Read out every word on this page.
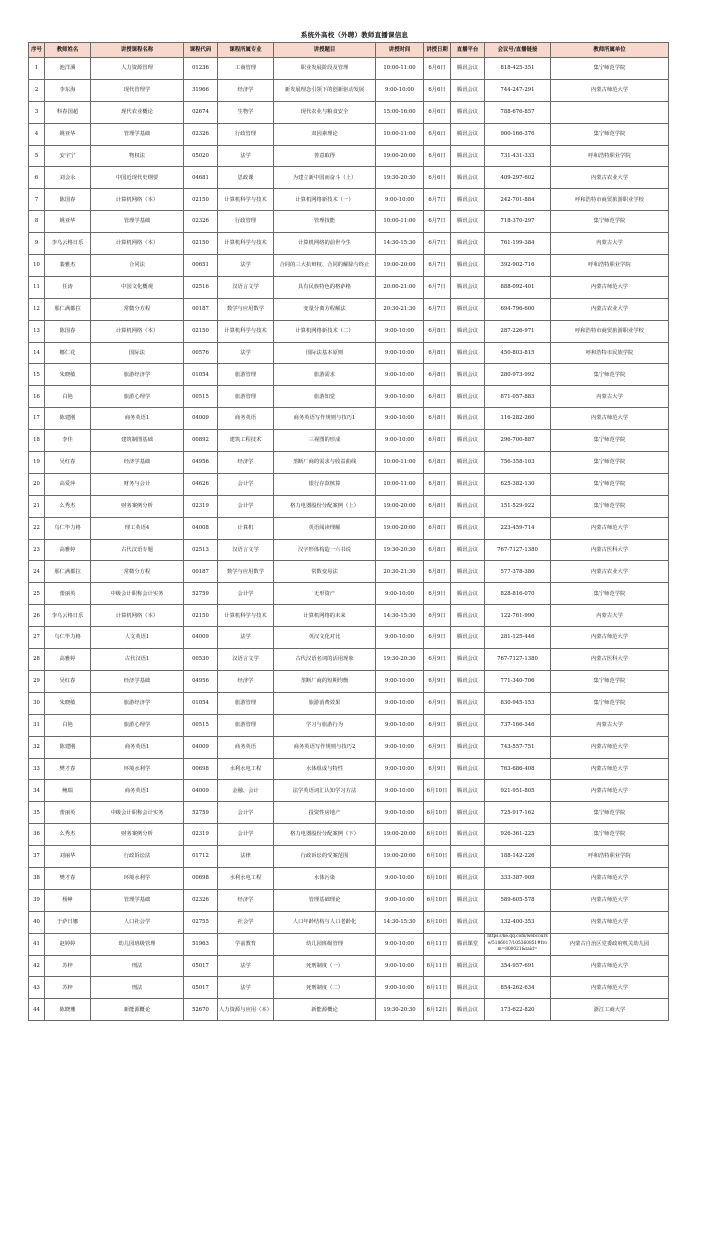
系统外高校（外聘）教师直播课信息
序号	教师姓名	讲授课程名称	课程代码	课程所属专业	讲授题目	讲授时间	讲授日期	直播平台	会议号/直播链接	教师所属单位
1	池洋溪	人力资源管理	01236	工商管理	职业发展阶段及管理	10:00-11:00	6月6日	腾讯会议	818-425-351	集宁师范学院
2	李东海	现代管理学	31966	经济学	新发展理念引领下的创新驱动发展	9:00-10:00	6月6日	腾讯会议	744-247-291	内蒙古师范大学
3	科春国超	现代农业概论	02674	生物学	现代农业与粮食安全	15:00-16:00	6月6日	腾讯会议	788-676-857	
4	姚亚华	管理学基础	02326	行政管理	双因素理论	10:00-11:00	6月6日	腾讯会议	900-166-376	集宁师范学院
5	安宇宁	物权法	05020	法学	善意取得	19:00-20:00	6月6日	腾讯会议	731-431-333	呼和浩特职业学院
6	刘会永	中国近现代史纲要	04681	思政课	为建立新中国而奋斗（上）	19:30-20:30	6月6日	腾讯会议	409-297-602	内蒙古农业大学
7	陈国春	计算机网络（本）	02150	计算机科学与技术	计算机网络新技术（一）	9:00-10:00	6月7日	腾讯会议	242-701-884	呼和浩特市商贸旅游职业学校
8	姚亚华	管理学基础	02326	行政管理	管理技能	10:00-11:00	6月7日	腾讯会议	718-370-297	集宁师范学院
9	李乌云格日乐	计算机网络（本）	02150	计算机科学与技术	计算机网络的前世今生	14:30-15:30	6月7日	腾讯会议	761-199-384	内蒙古大学
10	裴雅杰	合同法	00651	法学	合同的三大抗辩权、合同的解除与终止	19:00-20:00	6月7日	腾讯会议	392-902-716	呼和浩特职业学院
11	任涛	中国文化概观	02516	汉语言文学	具有民族特色的格萨格	20:00-21:00	6月7日	腾讯会议	888-092-401	内蒙古师范大学
12	那仁满都拉	常微分方程	00187	数学与应用数学	变量分离方程解法	20:30-21:30	6月7日	腾讯会议	694-796-600	内蒙古农业大学
13	陈国春	计算机网络（本）	02150	计算机科学与技术	计算机网络新技术（二）	9:00-10:00	6月8日	腾讯会议	287-226-971	呼和浩特市商贸旅游职业学校
14	娜仁花	国际法	00576	法学	国际法基本原则	9:00-10:00	6月8日	腾讯会议	450-803-815	呼和浩特市民族学院
15	朱晓敏	旅游经济学	01054	旅游管理	旅游需求	9:00-10:00	6月8日	腾讯会议	280-973-992	集宁师范学院
16	白艳	旅游心理学	00515	旅游管理	旅游知觉	9:00-10:00	6月8日	腾讯会议	871-057-883	内蒙古大学
17	陈建刚	商务英语1	04009	商务英语	商务英语写作规则与技巧1	9:00-10:00	6月8日	腾讯会议	116-282-260	内蒙古师范大学
18	李佳	建筑制图基础	00892	建筑工程技术	三视图的形成	9:00-10:00	6月8日	腾讯会议	296-700-887	集宁师范学院
19	吴红春	经济学基础	04956	经济学	垄断厂商的需求与收益曲线	10:00-11:00	6月8日	腾讯会议	756-358-103	集宁师范学院
20	高爱萍	财务与会计	04626	会计学	银行存款核算	10:00-11:00	6月8日	腾讯会议	625-382-130	集宁师范学院
21	么秀杰	财务案例分析	02319	会计学	格力电器股份分配案例（上）	19:00-20:00	6月8日	腾讯会议	151-529-922	集宁师范学院
22	乌仁毕力格	理工英语4	04008	计算机	英语阅读理解	19:00-20:00	6月8日	腾讯会议	223-459-714	内蒙古师范大学
23	高雅婷	古代汉语专题	02513	汉语言文学	汉字形体构造一六书说	19:30-20:30	6月8日	腾讯会议	767-7127-1380	内蒙古医科大学
24	那仁满都拉	常微分方程	00187	数学与应用数学	常数变易法	20:30-21:30	6月8日	腾讯会议	577-378-380	内蒙古农业大学
25	蕾丽英	中级会计职称会计实务	52759	会计学	无形资产	9:00-10:00	6月9日	腾讯会议	828-816-070	集宁师范学院
26	李乌云格日乐	计算机网络（本）	02150	计算机科学与技术	计算机网络的未来	14:30-15:30	6月9日	腾讯会议	122-761-990	内蒙古大学
27	乌仁毕力格	人文英语1	04009	法学	英汉文化对比	9:00-10:00	6月9日	腾讯会议	281-125-446	内蒙古师范大学
28	高雅婷	古代汉语1	00530	汉语言文学	古代汉语名词的活用现象	19:30-20:30	6月9日	腾讯会议	767-7127-1380	内蒙古医科大学
29	吴红春	经济学基础	04956	经济学	垄断厂商的短期均衡	9:00-10:00	6月9日	腾讯会议	771-340-706	集宁师范学院
30	朱晓敏	旅游经济学	01054	旅游管理	旅游消费效果	9:00-10:00	6月9日	腾讯会议	830-945-153	集宁师范学院
31	白艳	旅游心理学	00515	旅游管理	学习与旅游行为	9:00-10:00	6月9日	腾讯会议	737-166-346	内蒙古大学
32	陈建刚	商务英语1	04009	商务英语	商务英语写作规则与技巧2	9:00-10:00	6月9日	腾讯会议	743-557-751	内蒙古师范大学
33	樊才春	环境水利学	00698	水利水电工程	水体组成与特性	9:00-10:00	6月9日	腾讯会议	763-686-408	内蒙古师范大学
34	鲍瑞	商务英语1	04009	金融、会计	法学英语词汇认知学习方法	9:00-10:00	6月10日	腾讯会议	921-951-805	内蒙古师范大学
35	蕾丽英	中级会计职称会计实务	52759	会计学	投资性房地产	9:00-10:00	6月10日	腾讯会议	725-917-162	集宁师范学院
36	么秀杰	财务案例分析	02319	会计学	格力电器股份分配案例（下）	19:00-20:00	6月10日	腾讯会议	926-361-225	集宁师范学院
37	刘丽华	行政诉讼法	01712	法律	行政诉讼的受案范围	19:00-20:00	6月10日	腾讯会议	188-142-226	呼和浩特职业学院
38	樊才春	环境水利学	00698	水利水电工程	水体污染	9:00-10:00	6月10日	腾讯会议	333-387-909	内蒙古师范大学
39	杨峥	管理学基础	02326	经济学	管理基础理论	9:00-10:00	6月10日	腾讯会议	589-605-578	内蒙古师范大学
40	于萨日娜	人口社会学	02755	社会学	人口年龄结构与人口老龄化	14:30-15:30	6月10日	腾讯会议	132-400-353	内蒙古师范大学
41	赵婷婷	幼儿园班级管理	51963	学前教育	幼儿园班级管理	9:00-10:00	6月11日	腾讯课堂	https://ke.qq.com/webcourse/5186017/105360851#from=800021&taid=	内蒙古自治区党委政府机关幼儿园
42	苏梓	刑法	05017	法学	死刑制度（一）	9:00-10:00	6月11日	腾讯会议	354-957-691	内蒙古师范大学
43	苏梓	刑法	05017	法学	死刑制度（二）	9:00-10:00	6月11日	腾讯会议	854-262-634	内蒙古师范大学
44	陈晓珊	新能源概论	52670	人力资源与应用（本）	新能源概论	19:30-20:30	6月12日	腾讯会议	173-622-820	浙江工商大学
